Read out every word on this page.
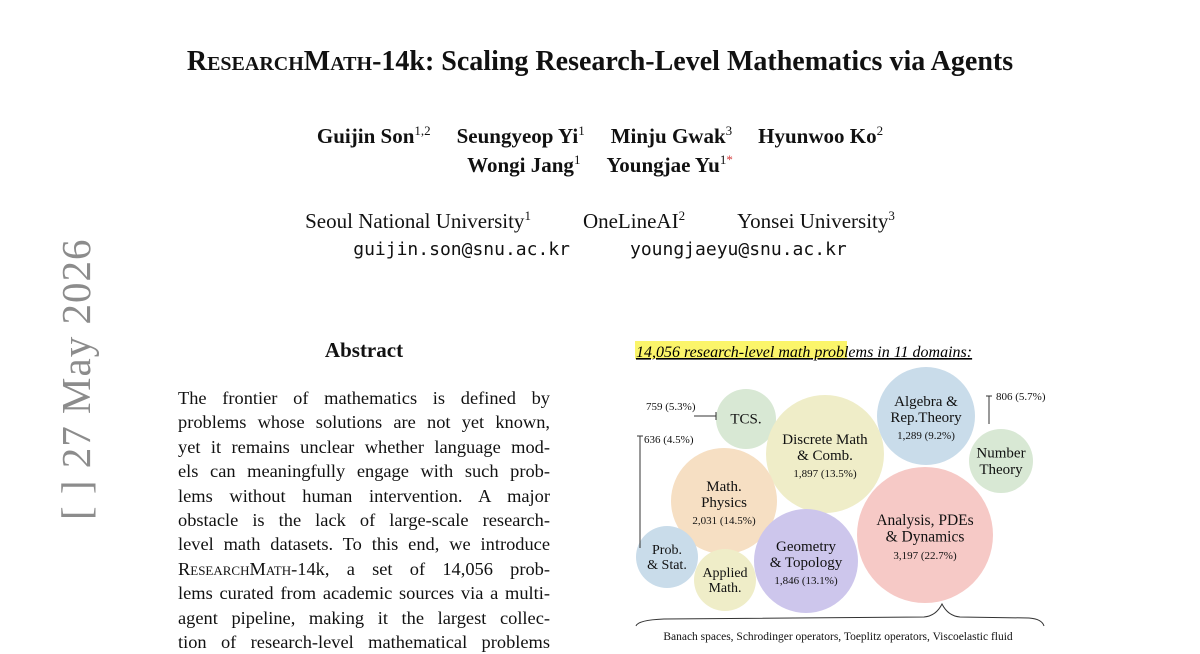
ResearchMath-14k: Scaling Research-Level Mathematics via Agents
Guijin Son$^{1,2}$ Seungyeop Yi$^1$ Minju Gwak$^3$ Hyunwoo Ko$^2$
Wongi Jang$^1$ Youngjae $Yu^{1*}$
Seoul National University$^1$ OneLineAI$^2$ Yonsei University$^3$
guijin.son@snu.ac.kr	youngjaeyu@snu.ac.kr
[ ] 27 May 2026	Abstract
The frontier of mathematics is defined by
problems whose solutions are not yet known,
yet it remains unclear whether language mod-
els can meaningfully engage with such prob-
lems without human intervention. A major
obstacle is the lack of large-scale research-
level math datasets. To this end, we introduce
ResearchMath-14k, a set of 14,056 prob-
lems curated from academic sources via a multi-
agent pipeline, making it the largest collec-
tion of research-level mathematical problems
14,056 research-level math problems in 11 domains:
TCS.
Discrete Math
& Comb.
1,897 (13.5%)
Algebra &
Rep.Theory
1,289 (9.2%)
Number
Theory
Math.
Physics
2,031 (14.5%)
Prob.
& Stat.
Applied
Math.
Geometry
& Topology
1,846 (13.1%)
Analysis, PDEs
& Dynamics
3,197 (22.7%)
Banach spaces, Schrodinger operators, Toeplitz operators, Viscoelastic fluid
759 (5.3%)
806 (5.7%)
636 (4.5%)
